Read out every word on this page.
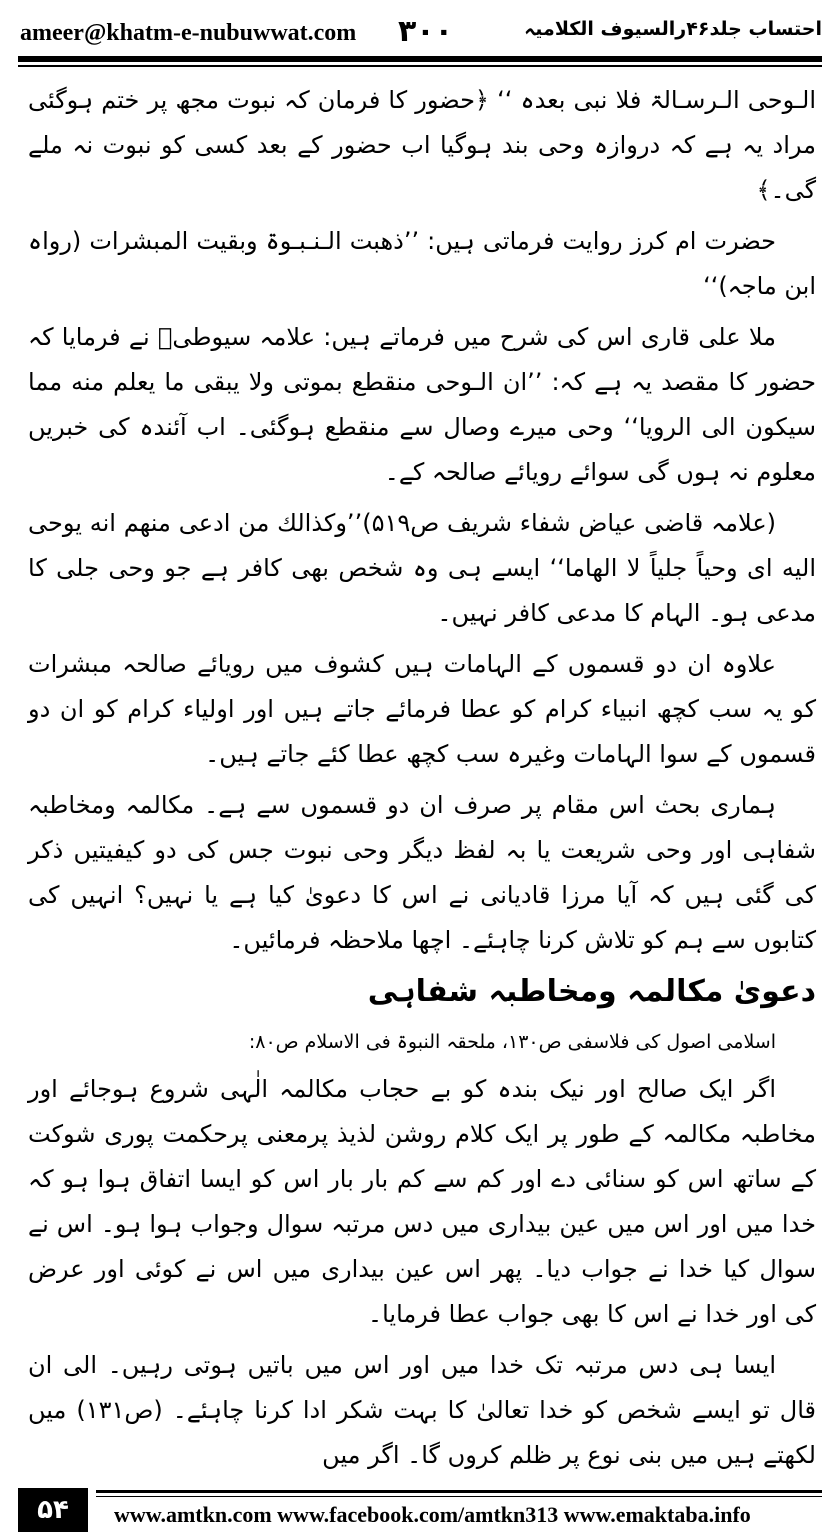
ameer@khatm-e-nubuwwat.com ۳۰۰	احتساب جلد۴۶رالسیوف الکلامیہ

الـوحی الـرسـالۃ فلا نبی بعدہ ‘‘ ﴿حضور کا فرمان کہ نبوت مجھ پر ختم ہوگئی مراد یہ ہے کہ دروازہ وحی بند ہوگیا اب حضور کے بعد کسی کو نبوت نہ ملے گی۔﴾

حضرت ام کرز روایت فرماتی ہیں: ’’ذھبت الـنـبـوۃ وبقیت المبشرات (رواہ ابن ماجہ)‘‘

ملا علی قاری اس کی شرح میں فرماتے ہیں: علامہ سیوطیؒ نے فرمایا کہ حضور کا مقصد یہ ہے کہ: ’’ان الـوحی منقطع بموتی ولا یبقی ما یعلم منه مما سیکون الی الرویا‘‘ وحی میرے وصال سے منقطع ہوگئی۔ اب آئندہ کی خبریں معلوم نہ ہوں گی سوائے رویائے صالحہ کے۔

(علامہ قاضی عیاض شفاء شریف ص۵۱۹)’’وکذالك من ادعی منھم انه یوحی الیه ای وحیاً جلیاً لا الھاما‘‘ ایسے ہی وہ شخص بھی کافر ہے جو وحی جلی کا مدعی ہو۔ الہام کا مدعی کافر نہیں۔

علاوہ ان دو قسموں کے الہامات ہیں کشوف میں رویائے صالحہ مبشرات کو یہ سب کچھ انبیاء کرام کو عطا فرمائے جاتے ہیں اور اولیاء کرام کو ان دو قسموں کے سوا الہامات وغیرہ سب کچھ عطا کئے جاتے ہیں۔

ہماری بحث اس مقام پر صرف ان دو قسموں سے ہے۔ مکالمہ ومخاطبہ شفاہی اور وحی شریعت یا بہ لفظ دیگر وحی نبوت جس کی دو کیفیتیں ذکر کی گئی ہیں کہ آیا مرزا قادیانی نے اس کا دعویٰ کیا ہے یا نہیں؟ انہیں کی کتابوں سے ہم کو تلاش کرنا چاہئے۔ اچھا ملاحظہ فرمائیں۔

دعویٰ مکالمہ ومخاطبہ شفاہی

اسلامی اصول کی فلاسفی ص۱۳۰، ملحقہ النبوۃ فی الاسلام ص۸۰:

اگر ایک صالح اور نیک بندہ کو بے حجاب مکالمہ الٰہی شروع ہوجائے اور مخاطبہ مکالمہ کے طور پر ایک کلام روشن لذیذ پرمعنی پرحکمت پوری شوکت کے ساتھ اس کو سنائی دے اور کم سے کم بار بار اس کو ایسا اتفاق ہوا ہو کہ خدا میں اور اس میں عین بیداری میں دس مرتبہ سوال وجواب ہوا ہو۔ اس نے سوال کیا خدا نے جواب دیا۔ پھر اس عین بیداری میں اس نے کوئی اور عرض کی اور خدا نے اس کا بھی جواب عطا فرمایا۔

ایسا ہی دس مرتبہ تک خدا میں اور اس میں باتیں ہوتی رہیں۔ الی ان قال تو ایسے شخص کو خدا تعالیٰ کا بہت شکر ادا کرنا چاہئے۔ (ص۱۳۱) میں لکھتے ہیں میں بنی نوع پر ظلم کروں گا۔ اگر میں

۵۴	www.amtkn.com www.facebook.com/amtkn313 www.emaktaba.info
